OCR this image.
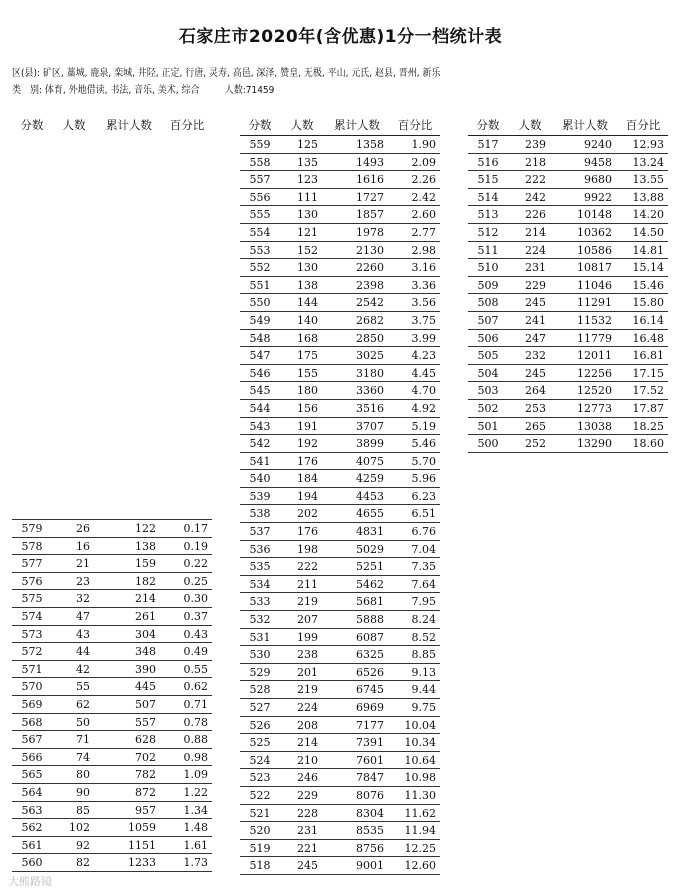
石家庄市2020年(含优惠)1分一档统计表
区(县): 矿区, 藁城, 鹿泉, 栾城, 井陉, 正定, 行唐, 灵寿, 高邑, 深泽, 赞皇, 无极, 平山, 元氏, 赵县, 晋州, 新乐
类　别: 体育, 外地借读, 书法, 音乐, 美术, 综合	人数:71459
分数	人数	累计人数	百分比
579	26	122	0.17
578	16	138	0.19
577	21	159	0.22
576	23	182	0.25
575	32	214	0.30
574	47	261	0.37
573	43	304	0.43
572	44	348	0.49
571	42	390	0.55
570	55	445	0.62
569	62	507	0.71
568	50	557	0.78
567	71	628	0.88
566	74	702	0.98
565	80	782	1.09
564	90	872	1.22
563	85	957	1.34
562	102	1059	1.48
561	92	1151	1.61
560	82	1233	1.73
分数	人数	累计人数	百分比
559	125	1358	1.90
558	135	1493	2.09
557	123	1616	2.26
556	111	1727	2.42
555	130	1857	2.60
554	121	1978	2.77
553	152	2130	2.98
552	130	2260	3.16
551	138	2398	3.36
550	144	2542	3.56
549	140	2682	3.75
548	168	2850	3.99
547	175	3025	4.23
546	155	3180	4.45
545	180	3360	4.70
544	156	3516	4.92
543	191	3707	5.19
542	192	3899	5.46
541	176	4075	5.70
540	184	4259	5.96
539	194	4453	6.23
538	202	4655	6.51
537	176	4831	6.76
536	198	5029	7.04
535	222	5251	7.35
534	211	5462	7.64
533	219	5681	7.95
532	207	5888	8.24
531	199	6087	8.52
530	238	6325	8.85
529	201	6526	9.13
528	219	6745	9.44
527	224	6969	9.75
526	208	7177	10.04
525	214	7391	10.34
524	210	7601	10.64
523	246	7847	10.98
522	229	8076	11.30
521	228	8304	11.62
520	231	8535	11.94
519	221	8756	12.25
518	245	9001	12.60
分数	人数	累计人数	百分比
517	239	9240	12.93
516	218	9458	13.24
515	222	9680	13.55
514	242	9922	13.88
513	226	10148	14.20
512	214	10362	14.50
511	224	10586	14.81
510	231	10817	15.14
509	229	11046	15.46
508	245	11291	15.80
507	241	11532	16.14
506	247	11779	16.48
505	232	12011	16.81
504	245	12256	17.15
503	264	12520	17.52
502	253	12773	17.87
501	265	13038	18.25
500	252	13290	18.60
大熊路镜
